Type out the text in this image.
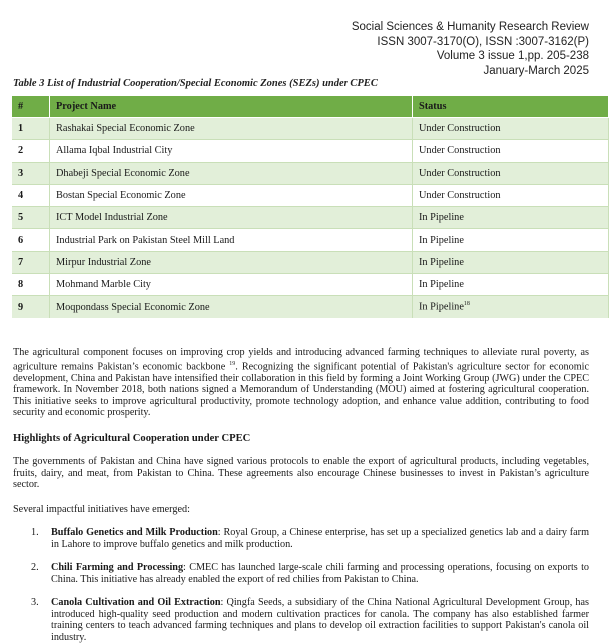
Social Sciences & Humanity Research Review
ISSN 3007-3170(O), ISSN :3007-3162(P)
Volume 3 issue 1,pp. 205-238
January-March 2025
Table 3 List of Industrial Cooperation/Special Economic Zones (SEZs) under CPEC
#	Project Name	Status
1	Rashakai Special Economic Zone	Under Construction
2	Allama Iqbal Industrial City	Under Construction
3	Dhabeji Special Economic Zone	Under Construction
4	Bostan Special Economic Zone	Under Construction
5	ICT Model Industrial Zone	In Pipeline
6	Industrial Park on Pakistan Steel Mill Land	In Pipeline
7	Mirpur Industrial Zone	In Pipeline
8	Mohmand Marble City	In Pipeline
9	Moqpondass Special Economic Zone	In Pipeline$^{18}$
The agricultural component focuses on improving crop yields and introducing advanced farming techniques to alleviate rural poverty, as agriculture remains Pakistan’s economic backbone $^{19}$. Recognizing the significant potential of Pakistan's agriculture sector for economic development, China and Pakistan have intensified their collaboration in this field by forming a Joint Working Group (JWG) under the CPEC framework. In November 2018, both nations signed a Memorandum of Understanding (MOU) aimed at fostering agricultural cooperation. This initiative seeks to improve agricultural productivity, promote technology adoption, and enhance value addition, contributing to food security and economic prosperity.
Highlights of Agricultural Cooperation under CPEC
The governments of Pakistan and China have signed various protocols to enable the export of agricultural products, including vegetables, fruits, dairy, and meat, from Pakistan to China. These agreements also encourage Chinese businesses to invest in Pakistan’s agriculture sector.
Several impactful initiatives have emerged:
1. Buffalo Genetics and Milk Production: Royal Group, a Chinese enterprise, has set up a specialized genetics lab and a dairy farm in Lahore to improve buffalo genetics and milk production.
2. Chili Farming and Processing: CMEC has launched large-scale chili farming and processing operations, focusing on exports to China. This initiative has already enabled the export of red chilies from Pakistan to China.
3. Canola Cultivation and Oil Extraction: Qingfa Seeds, a subsidiary of the China National Agricultural Development Group, has introduced high-quality seed production and modern cultivation practices for canola. The company has also established farmer training centers to teach advanced farming techniques and plans to develop oil extraction facilities to support Pakistan's canola oil industry.
